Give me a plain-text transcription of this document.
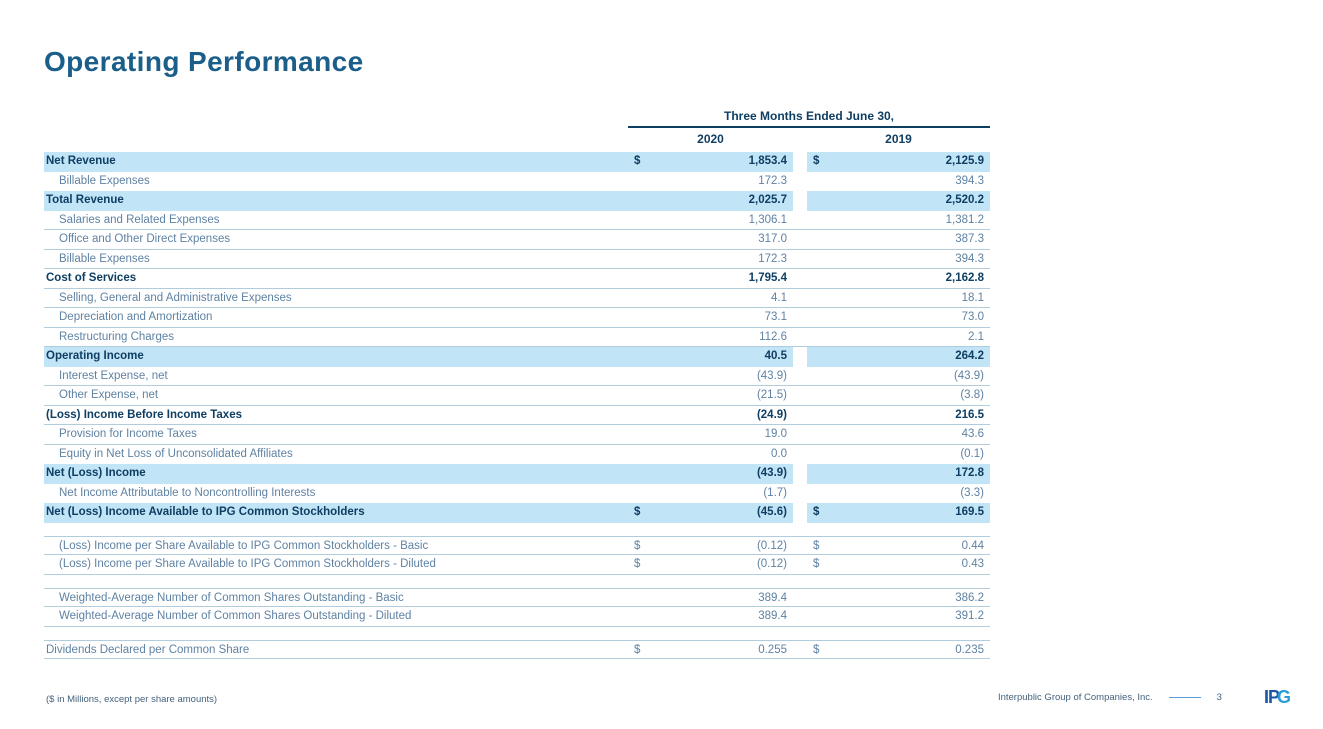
Operating Performance
Three Months Ended June 30,
2020	2019
Net Revenue	$	1,853.4	$	2,125.9
Billable Expenses	172.3	394.3
Total Revenue	2,025.7	2,520.2
Salaries and Related Expenses	1,306.1	1,381.2
Office and Other Direct Expenses	317.0	387.3
Billable Expenses	172.3	394.3
Cost of Services	1,795.4	2,162.8
Selling, General and Administrative Expenses	4.1	18.1
Depreciation and Amortization	73.1	73.0
Restructuring Charges	112.6	2.1
Operating Income	40.5	264.2
Interest Expense, net	(43.9)	(43.9)
Other Expense, net	(21.5)	(3.8)
(Loss) Income Before Income Taxes	(24.9)	216.5
Provision for Income Taxes	19.0	43.6
Equity in Net Loss of Unconsolidated Affiliates	0.0	(0.1)
Net (Loss) Income	(43.9)	172.8
Net Income Attributable to Noncontrolling Interests	(1.7)	(3.3)
Net (Loss) Income Available to IPG Common Stockholders	$	(45.6)	$	169.5
(Loss) Income per Share Available to IPG Common Stockholders - Basic	$	(0.12)	$	0.44
(Loss) Income per Share Available to IPG Common Stockholders - Diluted	$	(0.12)	$	0.43
Weighted-Average Number of Common Shares Outstanding - Basic	389.4	386.2
Weighted-Average Number of Common Shares Outstanding - Diluted	389.4	391.2
Dividends Declared per Common Share	$	0.255	$	0.235
($ in Millions, except per share amounts)	Interpublic Group of Companies, Inc.	3 IPG
